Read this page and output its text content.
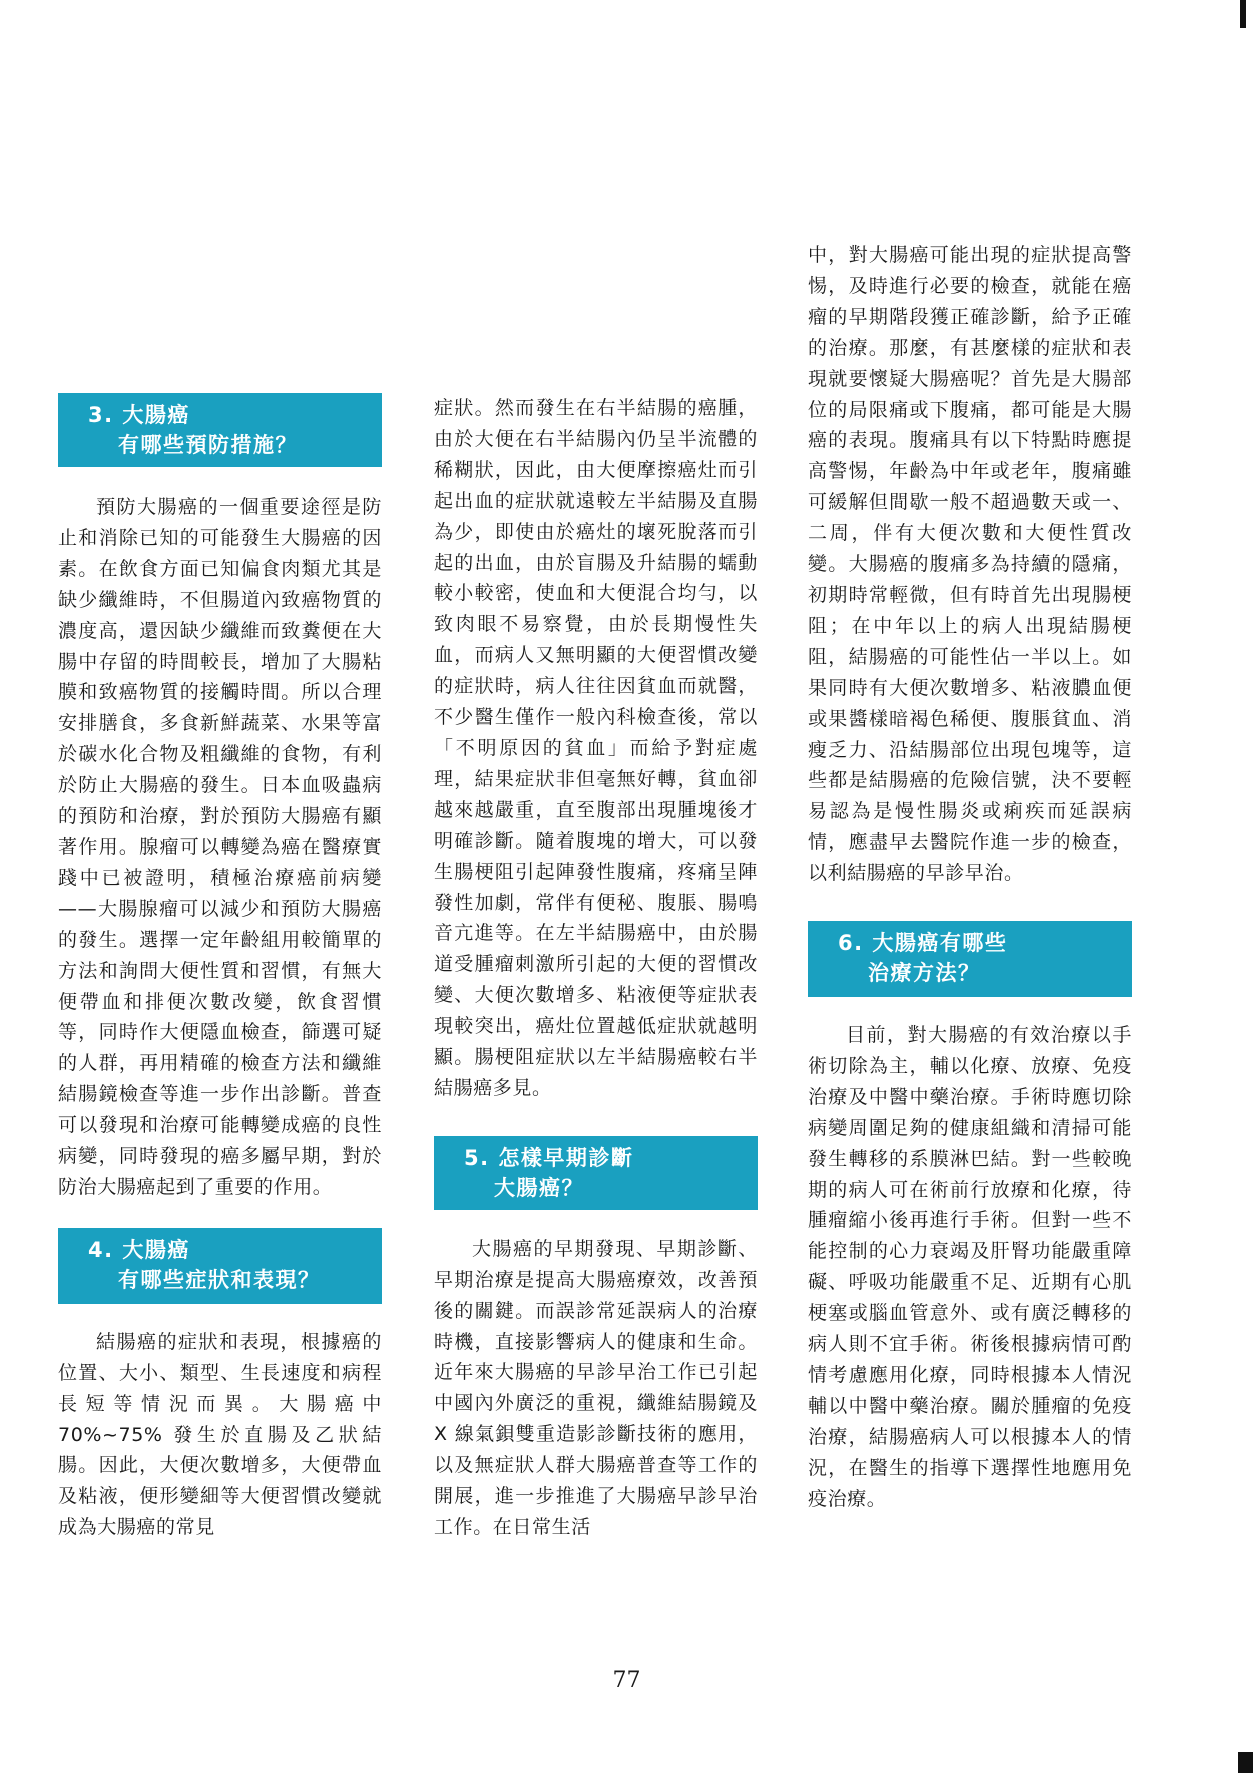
3. 大腸癌
有哪些預防措施？

預防大腸癌的一個重要途徑是防止和消除已知的可能發生大腸癌的因素。在飲食方面已知偏食肉類尤其是缺少纖維時，不但腸道內致癌物質的濃度高，還因缺少纖維而致糞便在大腸中存留的時間較長，增加了大腸粘膜和致癌物質的接觸時間。所以合理安排膳食，多食新鮮蔬菜、水果等富於碳水化合物及粗纖維的食物，有利於防止大腸癌的發生。日本血吸蟲病的預防和治療，對於預防大腸癌有顯著作用。腺瘤可以轉變為癌在醫療實踐中已被證明，積極治療癌前病變——大腸腺瘤可以減少和預防大腸癌的發生。選擇一定年齡組用較簡單的方法和詢問大便性質和習慣，有無大便帶血和排便次數改變，飲食習慣等，同時作大便隱血檢查，篩選可疑的人群，再用精確的檢查方法和纖維結腸鏡檢查等進一步作出診斷。普查可以發現和治療可能轉變成癌的良性病變，同時發現的癌多屬早期，對於防治大腸癌起到了重要的作用。

4. 大腸癌
有哪些症狀和表現？

結腸癌的症狀和表現，根據癌的位置、大小、類型、生長速度和病程長短等情況而異。大腸癌中 70%~75% 發生於直腸及乙狀結腸。因此，大便次數增多，大便帶血及粘液，便形變細等大便習慣改變就成為大腸癌的常見

症狀。然而發生在右半結腸的癌腫，由於大便在右半結腸內仍呈半流體的稀糊狀，因此，由大便摩擦癌灶而引起出血的症狀就遠較左半結腸及直腸為少，即使由於癌灶的壞死脫落而引起的出血，由於盲腸及升結腸的蠕動較小較密，使血和大便混合均勻，以致肉眼不易察覺，由於長期慢性失血，而病人又無明顯的大便習慣改變的症狀時，病人往往因貧血而就醫，不少醫生僅作一般內科檢查後，常以「不明原因的貧血」而給予對症處理，結果症狀非但毫無好轉，貧血卻越來越嚴重，直至腹部出現腫塊後才明確診斷。隨着腹塊的增大，可以發生腸梗阻引起陣發性腹痛，疼痛呈陣發性加劇，常伴有便秘、腹脹、腸鳴音亢進等。在左半結腸癌中，由於腸道受腫瘤刺激所引起的大便的習慣改變、大便次數增多、粘液便等症狀表現較突出，癌灶位置越低症狀就越明顯。腸梗阻症狀以左半結腸癌較右半結腸癌多見。

5. 怎樣早期診斷
大腸癌？

大腸癌的早期發現、早期診斷、早期治療是提高大腸癌療效，改善預後的關鍵。而誤診常延誤病人的治療時機，直接影響病人的健康和生命。近年來大腸癌的早診早治工作已引起中國內外廣泛的重視，纖維結腸鏡及 X 線氣鋇雙重造影診斷技術的應用，以及無症狀人群大腸癌普查等工作的開展，進一步推進了大腸癌早診早治工作。在日常生活

中，對大腸癌可能出現的症狀提高警惕，及時進行必要的檢查，就能在癌瘤的早期階段獲正確診斷，給予正確的治療。那麼，有甚麼樣的症狀和表現就要懷疑大腸癌呢？首先是大腸部位的局限痛或下腹痛，都可能是大腸癌的表現。腹痛具有以下特點時應提高警惕，年齡為中年或老年，腹痛雖可緩解但間歇一般不超過數天或一、二周，伴有大便次數和大便性質改變。大腸癌的腹痛多為持續的隱痛，初期時常輕微，但有時首先出現腸梗阻；在中年以上的病人出現結腸梗阻，結腸癌的可能性佔一半以上。如果同時有大便次數增多、粘液膿血便或果醬樣暗褐色稀便、腹脹貧血、消瘦乏力、沿結腸部位出現包塊等，這些都是結腸癌的危險信號，決不要輕易認為是慢性腸炎或痢疾而延誤病情，應盡早去醫院作進一步的檢查，以利結腸癌的早診早治。

6. 大腸癌有哪些
治療方法？

目前，對大腸癌的有效治療以手術切除為主，輔以化療、放療、免疫治療及中醫中藥治療。手術時應切除病變周圍足夠的健康組織和清掃可能發生轉移的系膜淋巴結。對一些較晚期的病人可在術前行放療和化療，待腫瘤縮小後再進行手術。但對一些不能控制的心力衰竭及肝腎功能嚴重障礙、呼吸功能嚴重不足、近期有心肌梗塞或腦血管意外、或有廣泛轉移的病人則不宜手術。術後根據病情可酌情考慮應用化療，同時根據本人情況輔以中醫中藥治療。關於腫瘤的免疫治療，結腸癌病人可以根據本人的情況，在醫生的指導下選擇性地應用免疫治療。

77
